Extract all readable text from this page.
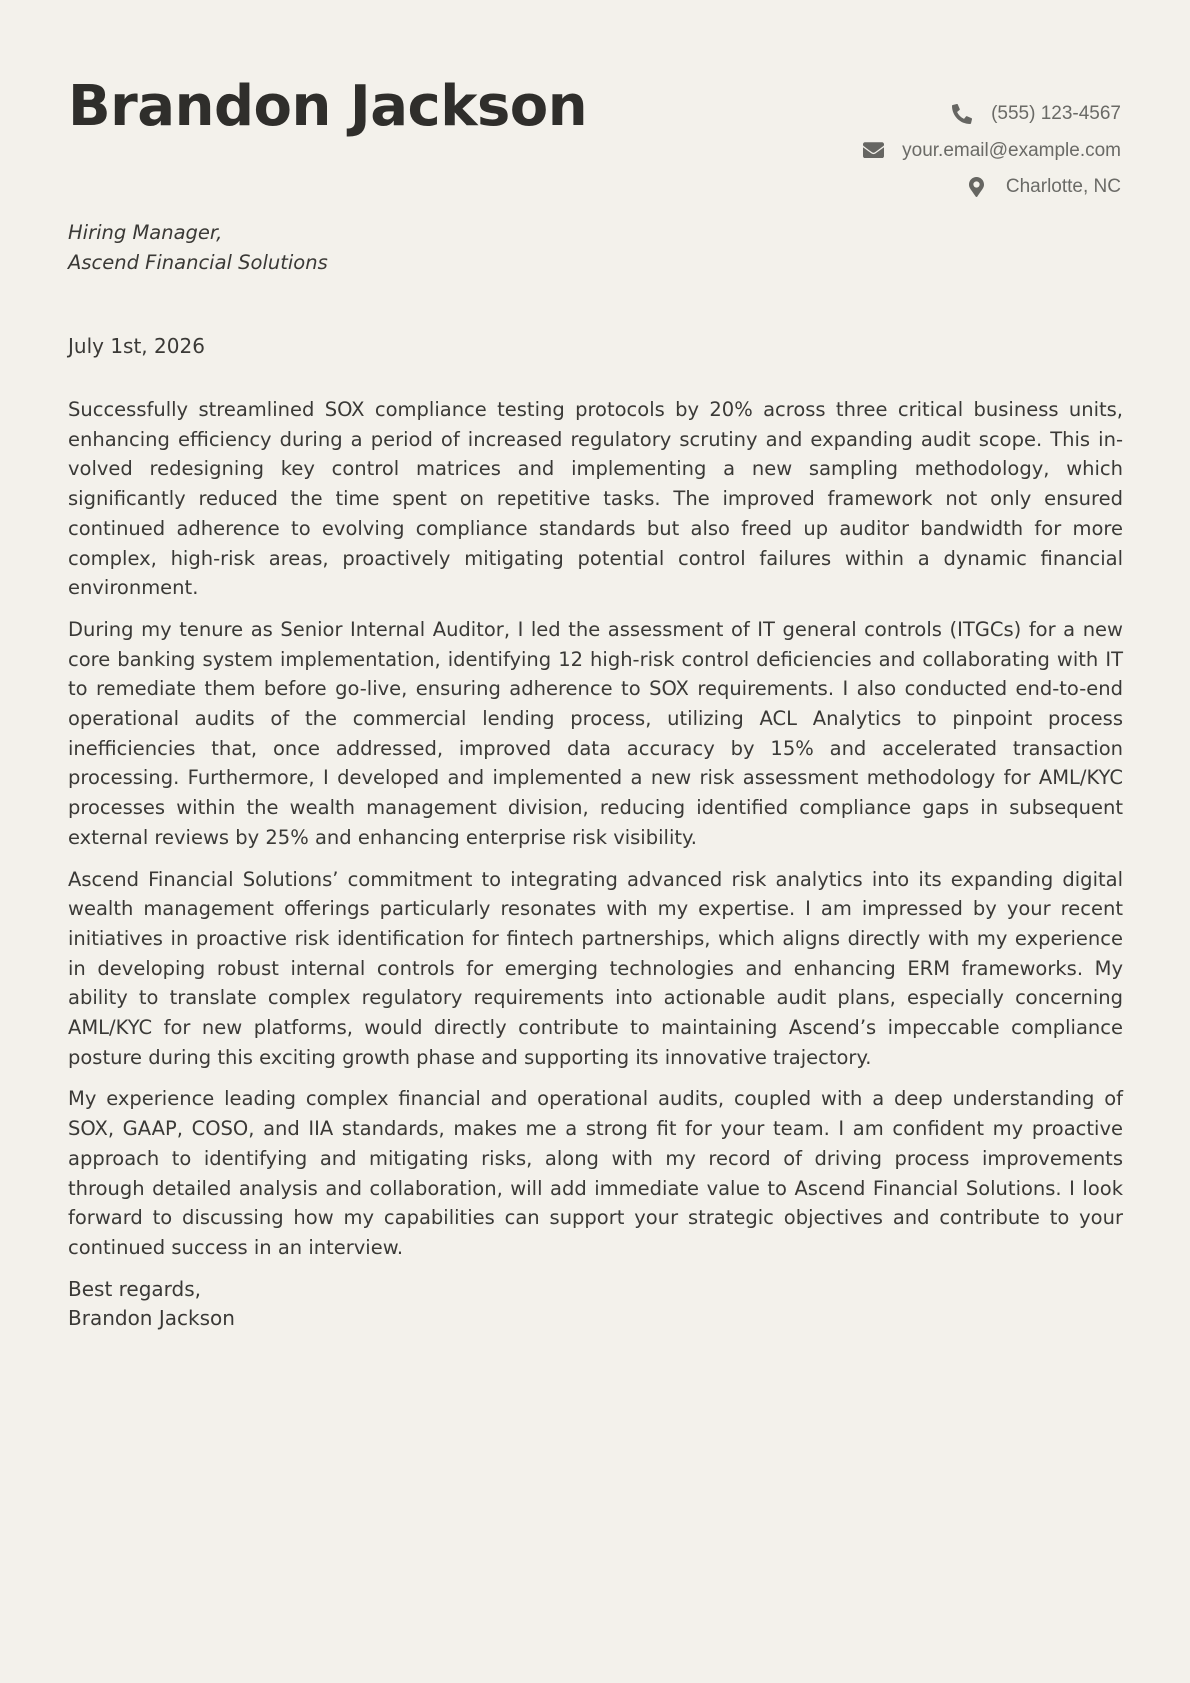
Brandon Jackson	(555) 123-4567
your.email@example.com
Charlotte, NC
Hiring Manager,
Ascend Financial Solutions
July 1st, 2026

Successfully streamlined SOX compliance testing protocols by 20% across three critical business units, enhancing efficiency during a period of increased regulatory scrutiny and expanding audit scope. This involved redesigning key control matrices and implementing a new sampling methodology, which significantly reduced the time spent on repetitive tasks. The improved framework not only ensured continued adherence to evolving compliance standards but also freed up auditor bandwidth for more complex, high-risk areas, proactively mitigating potential control failures within a dynamic financial environment.

During my tenure as Senior Internal Auditor, I led the assessment of IT general controls (ITGCs) for a new core banking system implementation, identifying 12 high-risk control deficiencies and collaborating with IT to remediate them before go-live, ensuring adherence to SOX requirements. I also conducted end-to-end operational audits of the commercial lending process, utilizing ACL Analytics to pinpoint process inefficiencies that, once addressed, improved data accuracy by 15% and accelerated transaction processing. Furthermore, I developed and implemented a new risk assessment methodology for AML/KYC processes within the wealth management division, reducing identified compliance gaps in subsequent external reviews by 25% and enhancing enterprise risk visibility.

Ascend Financial Solutions’ commitment to integrating advanced risk analytics into its expanding digital wealth management offerings particularly resonates with my expertise. I am impressed by your recent initiatives in proactive risk identification for fintech partnerships, which aligns directly with my experience in developing robust internal controls for emerging technologies and enhancing ERM frameworks. My ability to translate complex regulatory requirements into actionable audit plans, especially concerning AML/KYC for new platforms, would directly contribute to maintaining Ascend’s impeccable compliance posture during this exciting growth phase and supporting its innovative trajectory.

My experience leading complex financial and operational audits, coupled with a deep understanding of SOX, GAAP, COSO, and IIA standards, makes me a strong fit for your team. I am confident my proactive approach to identifying and mitigating risks, along with my record of driving process improvements through detailed analysis and collaboration, will add immediate value to Ascend Financial Solutions. I look forward to discussing how my capabilities can support your strategic objectives and contribute to your continued success in an interview.

Best regards,
Brandon Jackson
